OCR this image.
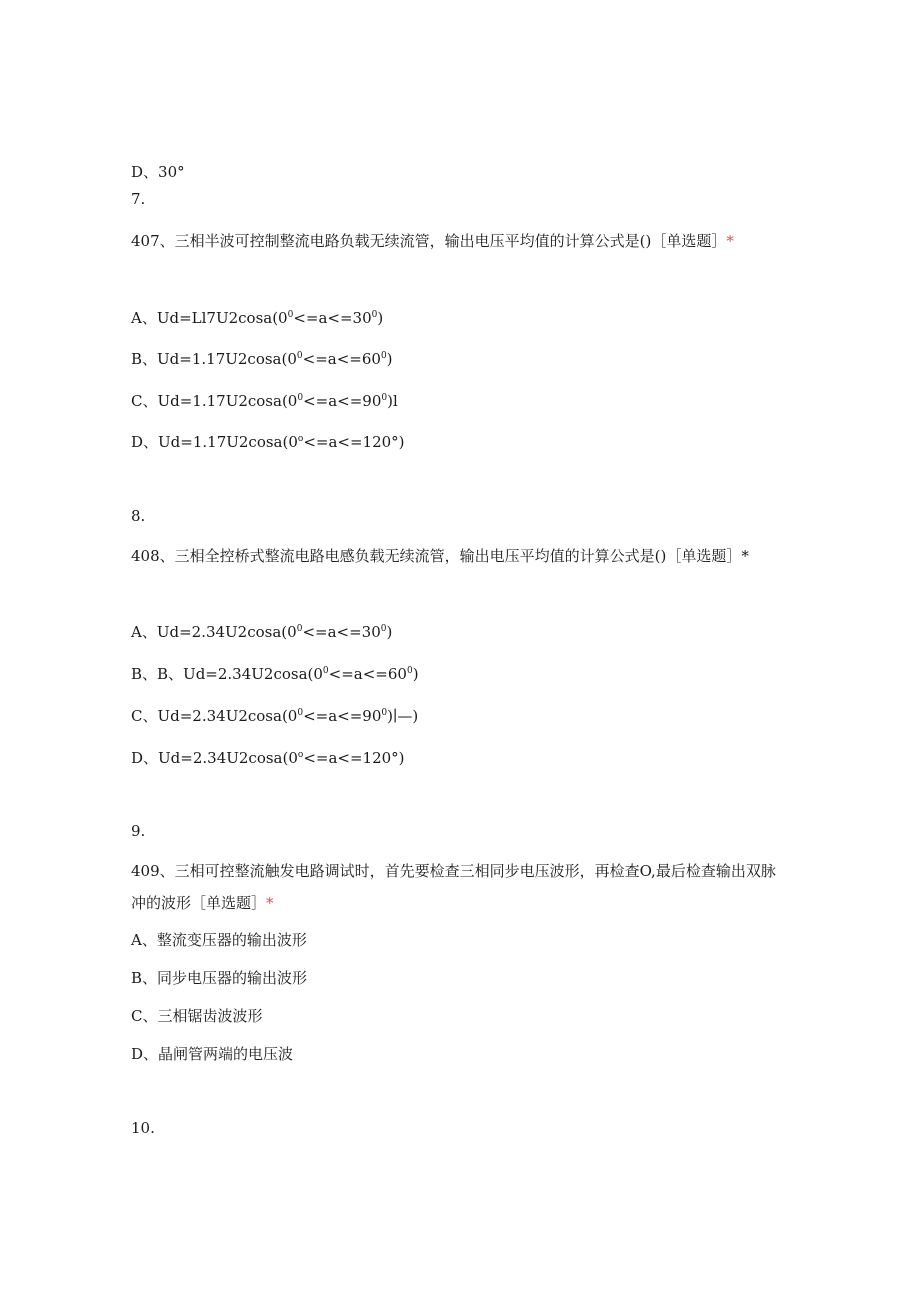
D、30°
7.
407、三相半波可控制整流电路负载无续流管，输出电压平均值的计算公式是()［单选题］*
A、$Ud=Ll7U2\cos a(0^0<=a<=30^0)$
B、$Ud=1.17U2\cos a(0^0<=a<=60^0)$
C、$Ud=1.17U2\cos a(0^0<=a<=90^0)l$
D、$Ud=1.17U2\cos a(0^o<=a<=120^\circ)$
8.
408、三相全控桥式整流电路电感负载无续流管，输出电压平均值的计算公式是()［单选题］*
A、$Ud=2.34U2\cos a(0^0<=a<=30^0)$
B、B、$Ud=2.34U2\cos a(0^0<=a<=60^0)$
C、$Ud=2.34U2\cos a(0^0<=a<=90^0)∣—$)
D、$Ud=2.34U2\cos a(0^o<=a<=120^\circ)$
9.
409、三相可控整流触发电路调试时，首先要检查三相同步电压波形，再检查O,最后检查输出双脉冲的波形［单选题］*
A、整流变压器的输出波形
B、同步电压器的输出波形
C、三相锯齿波波形
D、晶闸管两端的电压波
10.
